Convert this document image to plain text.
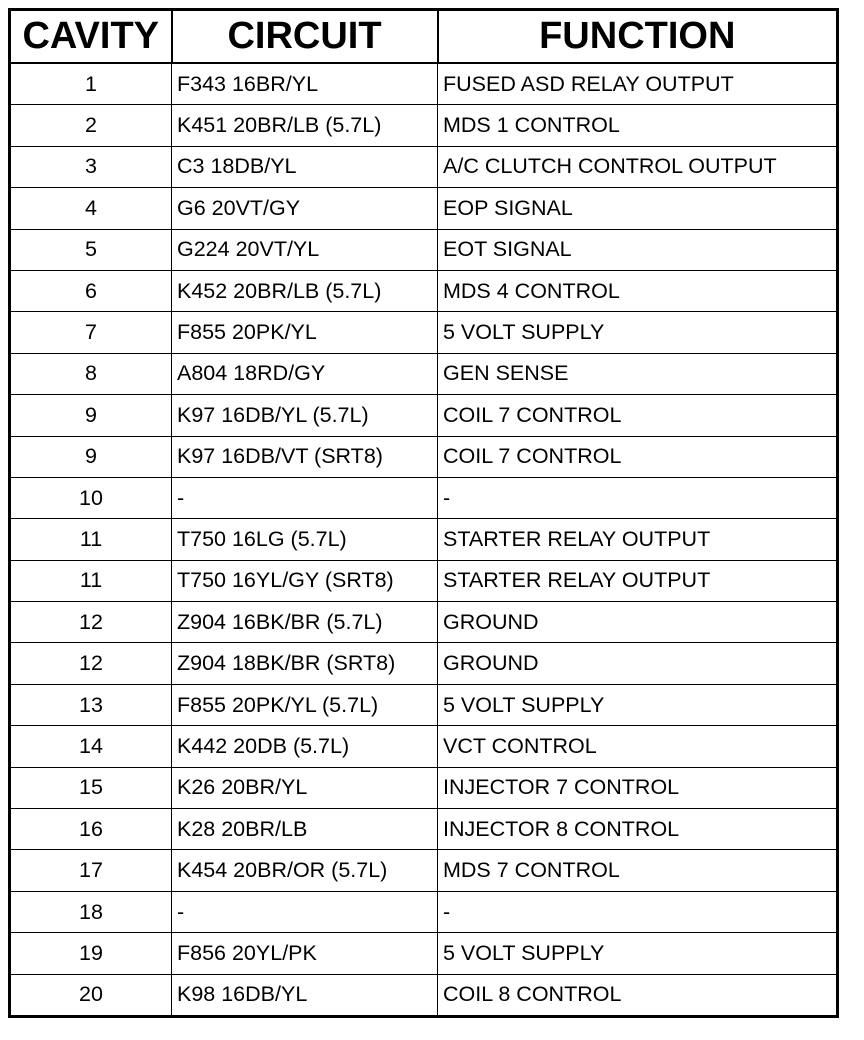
CAVITY	CIRCUIT	FUNCTION
1	F343 16BR/YL	FUSED ASD RELAY OUTPUT
2	K451 20BR/LB (5.7L)	MDS 1 CONTROL
3	C3 18DB/YL	A/C CLUTCH CONTROL OUTPUT
4	G6 20VT/GY	EOP SIGNAL
5	G224 20VT/YL	EOT SIGNAL
6	K452 20BR/LB (5.7L)	MDS 4 CONTROL
7	F855 20PK/YL	5 VOLT SUPPLY
8	A804 18RD/GY	GEN SENSE
9	K97 16DB/YL (5.7L)	COIL 7 CONTROL
9	K97 16DB/VT (SRT8)	COIL 7 CONTROL
10	-	-
11	T750 16LG (5.7L)	STARTER RELAY OUTPUT
11	T750 16YL/GY (SRT8)	STARTER RELAY OUTPUT
12	Z904 16BK/BR (5.7L)	GROUND
12	Z904 18BK/BR (SRT8)	GROUND
13	F855 20PK/YL (5.7L)	5 VOLT SUPPLY
14	K442 20DB (5.7L)	VCT CONTROL
15	K26 20BR/YL	INJECTOR 7 CONTROL
16	K28 20BR/LB	INJECTOR 8 CONTROL
17	K454 20BR/OR (5.7L)	MDS 7 CONTROL
18	-	-
19	F856 20YL/PK	5 VOLT SUPPLY
20	K98 16DB/YL	COIL 8 CONTROL
